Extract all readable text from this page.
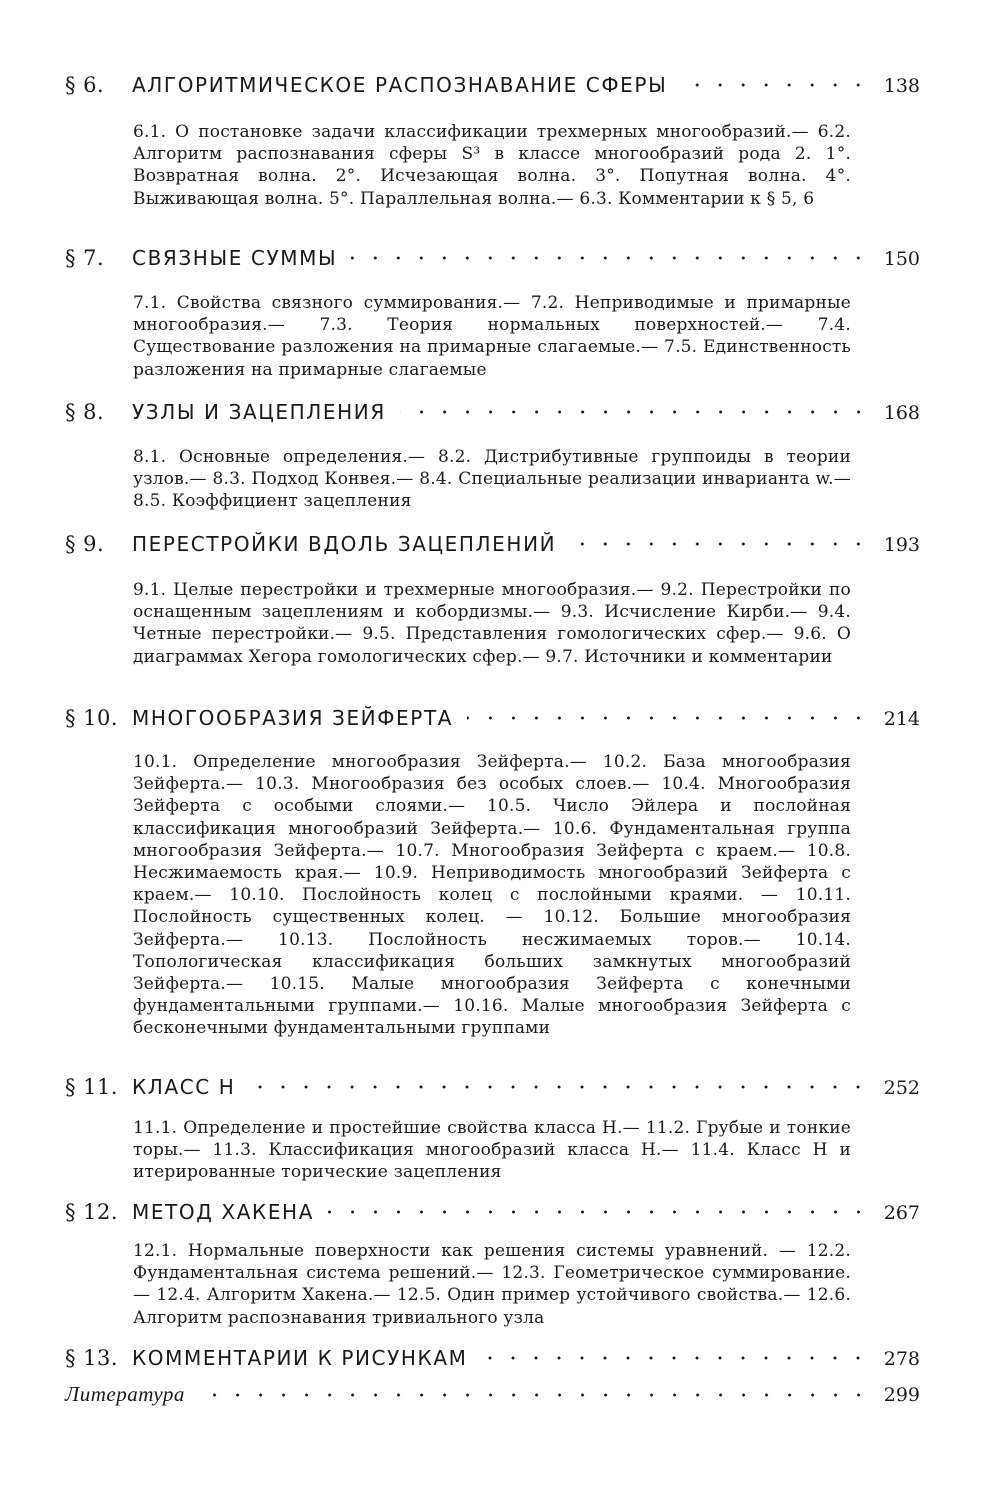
§ 6.	АЛГОРИТМИЧЕСКОЕ РАСПОЗНАВАНИЕ СФЕРЫ	138

6.1. О постановке задачи классификации трехмерных многообразий.— 6.2. Алгоритм распознавания сферы S³ в классе многообразий рода 2. 1°. Возвратная волна. 2°. Исчезающая волна. 3°. Попутная волна. 4°. Выживающая волна. 5°. Параллельная волна.— 6.3. Комментарии к § 5, 6

§ 7.	СВЯЗНЫЕ СУММЫ	150

7.1. Свойства связного суммирования.— 7.2. Неприводимые и примарные многообразия.— 7.3. Теория нормальных поверхностей.— 7.4. Существование разложения на примарные слагаемые.— 7.5. Единственность разложения на примарные слагаемые

§ 8.	УЗЛЫ И ЗАЦЕПЛЕНИЯ	168

8.1. Основные определения.— 8.2. Дистрибутивные группоиды в теории узлов.— 8.3. Подход Конвея.— 8.4. Специальные реализации инварианта w.— 8.5. Коэффициент зацепления

§ 9.	ПЕРЕСТРОЙКИ ВДОЛЬ ЗАЦЕПЛЕНИЙ	193

9.1. Целые перестройки и трехмерные многообразия.— 9.2. Перестройки по оснащенным зацеплениям и кобордизмы.— 9.3. Исчисление Кирби.— 9.4. Четные перестройки.— 9.5. Представления гомологических сфер.— 9.6. О диаграммах Хегора гомологических сфер.— 9.7. Источники и комментарии

§ 10. МНОГООБРАЗИЯ ЗЕЙФЕРТА	214

10.1. Определение многообразия Зейферта.— 10.2. База многообразия Зейферта.— 10.3. Многообразия без особых слоев.— 10.4. Многообразия Зейферта с особыми слоями.— 10.5. Число Эйлера и послойная классификация многообразий Зейферта.— 10.6. Фундаментальная группа многообразия Зейферта.— 10.7. Многообразия Зейферта с краем.— 10.8. Несжимаемость края.— 10.9. Неприводимость многообразий Зейферта с краем.— 10.10. Послойность колец с послойными краями. — 10.11. Послойность существенных колец. — 10.12. Большие многообразия Зейферта.— 10.13. Послойность несжимаемых торов.— 10.14. Топологическая классификация больших замкнутых многообразий Зейферта.— 10.15. Малые многообразия Зейферта с конечными фундаментальными группами.— 10.16. Малые многообразия Зейферта с бесконечными фундаментальными группами

§ 11. КЛАСС H	252

11.1. Определение и простейшие свойства класса H.— 11.2. Грубые и тонкие торы.— 11.3. Классификация многообразий класса H.— 11.4. Класс H и итерированные торические зацепления

§ 12. МЕТОД ХАКЕНА	267

12.1. Нормальные поверхности как решения системы уравнений. — 12.2. Фундаментальная система решений.— 12.3. Геометрическое суммирование.— 12.4. Алгоритм Хакена.— 12.5. Один пример устойчивого свойства.— 12.6. Алгоритм распознавания тривиального узла

§ 13. КОММЕНТАРИИ К РИСУНКАМ	278
Литература	299
